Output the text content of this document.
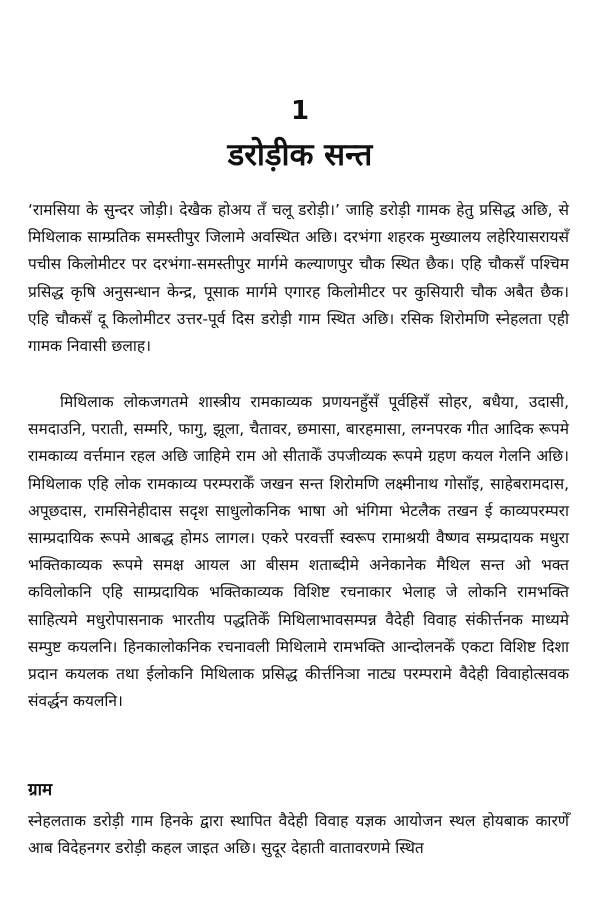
1
डरोड़ीक सन्त

‘रामसिया के सुन्दर जोड़ी। देखैक होअय तँ चलू डरोड़ी।’ जाहि डरोड़ी गामक हेतु प्रसिद्ध अछि, से मिथिलाक साम्प्रतिक समस्तीपुर जिलामे अवस्थित अछि। दरभंगा शहरक मुख्यालय लहेरियासरायसँ पचीस किलोमीटर पर दरभंगा-समस्तीपुर मार्गमे कल्याणपुर चौक स्थित छैक। एहि चौकसँ पश्चिम प्रसिद्ध कृषि अनुसन्धान केन्द्र, पूसाक मार्गमे एगारह किलोमीटर पर कुसियारी चौक अबैत छैक। एहि चौकसँ दू किलोमीटर उत्तर-पूर्व दिस डरोड़ी गाम स्थित अछि। रसिक शिरोमणि स्नेहलता एही गामक निवासी छलाह।

मिथिलाक लोकजगतमे शास्त्रीय रामकाव्यक प्रणयनहुँसँ पूर्वहिसँ सोहर, बधैया, उदासी, समदाउनि, पराती, सम्मरि, फागु, झूला, चैतावर, छमासा, बारहमासा, लग्नपरक गीत आदिक रूपमे रामकाव्य वर्त्तमान रहल अछि जाहिमे राम ओ सीताकेँ उपजीव्यक रूपमे ग्रहण कयल गेलनि अछि। मिथिलाक एहि लोक रामकाव्य परम्पराकेँ जखन सन्त शिरोमणि लक्ष्मीनाथ गोसाँइ, साहेबरामदास, अपूछदास, रामसिनेहीदास सदृश साधुलोकनिक भाषा ओ भंगिमा भेटलैक तखन ई काव्यपरम्परा साम्प्रदायिक रूपमे आबद्ध होमऽ लागल। एकरे परवर्त्ती स्वरूप रामाश्रयी वैष्णव सम्प्रदायक मधुरा भक्तिकाव्यक रूपमे समक्ष आयल आ बीसम शताब्दीमे अनेकानेक मैथिल सन्त ओ भक्त कविलोकनि एहि साम्प्रदायिक भक्तिकाव्यक विशिष्ट रचनाकार भेलाह जे लोकनि रामभक्ति साहित्यमे मधुरोपासनाक भारतीय पद्धतिकेँ मिथिलाभावसम्पन्न वैदेही विवाह संकीर्त्तनक माध्यमे सम्पुष्ट कयलनि। हिनकालोकनिक रचनावली मिथिलामे रामभक्ति आन्दोलनकेँ एकटा विशिष्ट दिशा प्रदान कयलक तथा ईलोकनि मिथिलाक प्रसिद्ध कीर्त्तनिञा नाट्य परम्परामे वैदेही विवाहोत्सवक संवर्द्धन कयलनि।

ग्राम

स्नेहलताक डरोड़ी गाम हिनके द्वारा स्थापित वैदेही विवाह यज्ञक आयोजन स्थल होयबाक कारणेँ आब विदेहनगर डरोड़ी कहल जाइत अछि। सुदूर देहाती वातावरणमे स्थित
